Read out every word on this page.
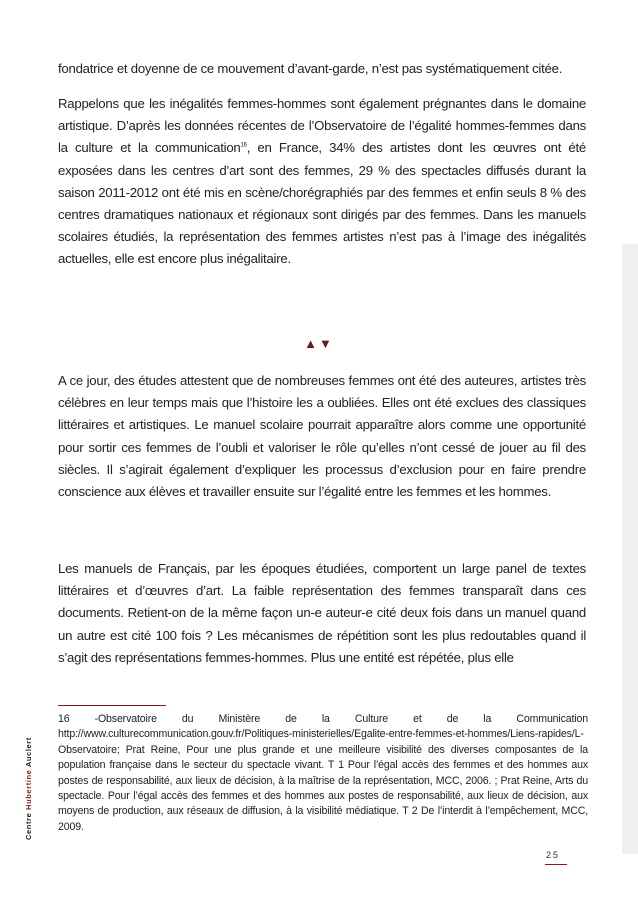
fondatrice et doyenne de ce mouvement d’avant-garde, n’est pas systématiquement citée.

Rappelons que les inégalités femmes-hommes sont également prégnantes dans le domaine artistique. D’après les données récentes de l’Observatoire de l’égalité hommes-femmes dans la culture et la communication$^{16}$, en France, 34% des artistes dont les œuvres ont été exposées dans les centres d’art sont des femmes, 29 % des spectacles diffusés durant la saison 2011-2012 ont été mis en scène/chorégraphiés par des femmes et enfin seuls 8 % des centres dramatiques nationaux et régionaux sont dirigés par des femmes. Dans les manuels scolaires étudiés, la représentation des femmes artistes n’est pas à l’image des inégalités actuelles, elle est encore plus inégalitaire.

▲▼

A ce jour, des études attestent que de nombreuses femmes ont été des auteures, artistes très célèbres en leur temps mais que l’histoire les a oubliées. Elles ont été exclues des classiques littéraires et artistiques. Le manuel scolaire pourrait apparaître alors comme une opportunité pour sortir ces femmes de l’oubli et valoriser le rôle qu’elles n’ont cessé de jouer au fil des siècles. Il s’agirait également d’expliquer les processus d’exclusion pour en faire prendre conscience aux élèves et travailler ensuite sur l’égalité entre les femmes et les hommes.

Les manuels de Français, par les époques étudiées, comportent un large panel de textes littéraires et d’œuvres d’art. La faible représentation des femmes transparaît dans ces documents. Retient-on de la même façon un-e auteur-e cité deux fois dans un manuel quand un autre est cité 100 fois ? Les mécanismes de répétition sont les plus redoutables quand il s’agit des représentations femmes-hommes. Plus une entité est répétée, plus elle

16 -Observatoire du Ministère de la Culture et de la Communication http://www.culturecommunication.gouv.fr/Politiques-ministerielles/Egalite-entre-femmes-et-hommes/Liens-rapides/L-Observatoire; Prat Reine, Pour une plus grande et une meilleure visibilité des diverses composantes de la population française dans le secteur du spectacle vivant. T 1 Pour l’égal accès des femmes et des hommes aux postes de responsabilité, aux lieux de décision, à la maîtrise de la représentation, MCC, 2006. ; Prat Reine, Arts du spectacle. Pour l’égal accès des femmes et des hommes aux postes de responsabilité, aux lieux de décision, aux moyens de production, aux réseaux de diffusion, à la visibilité médiatique. T 2 De l’interdit à l’empêchement, MCC, 2009.
Centre Hubertine Auclert
25
